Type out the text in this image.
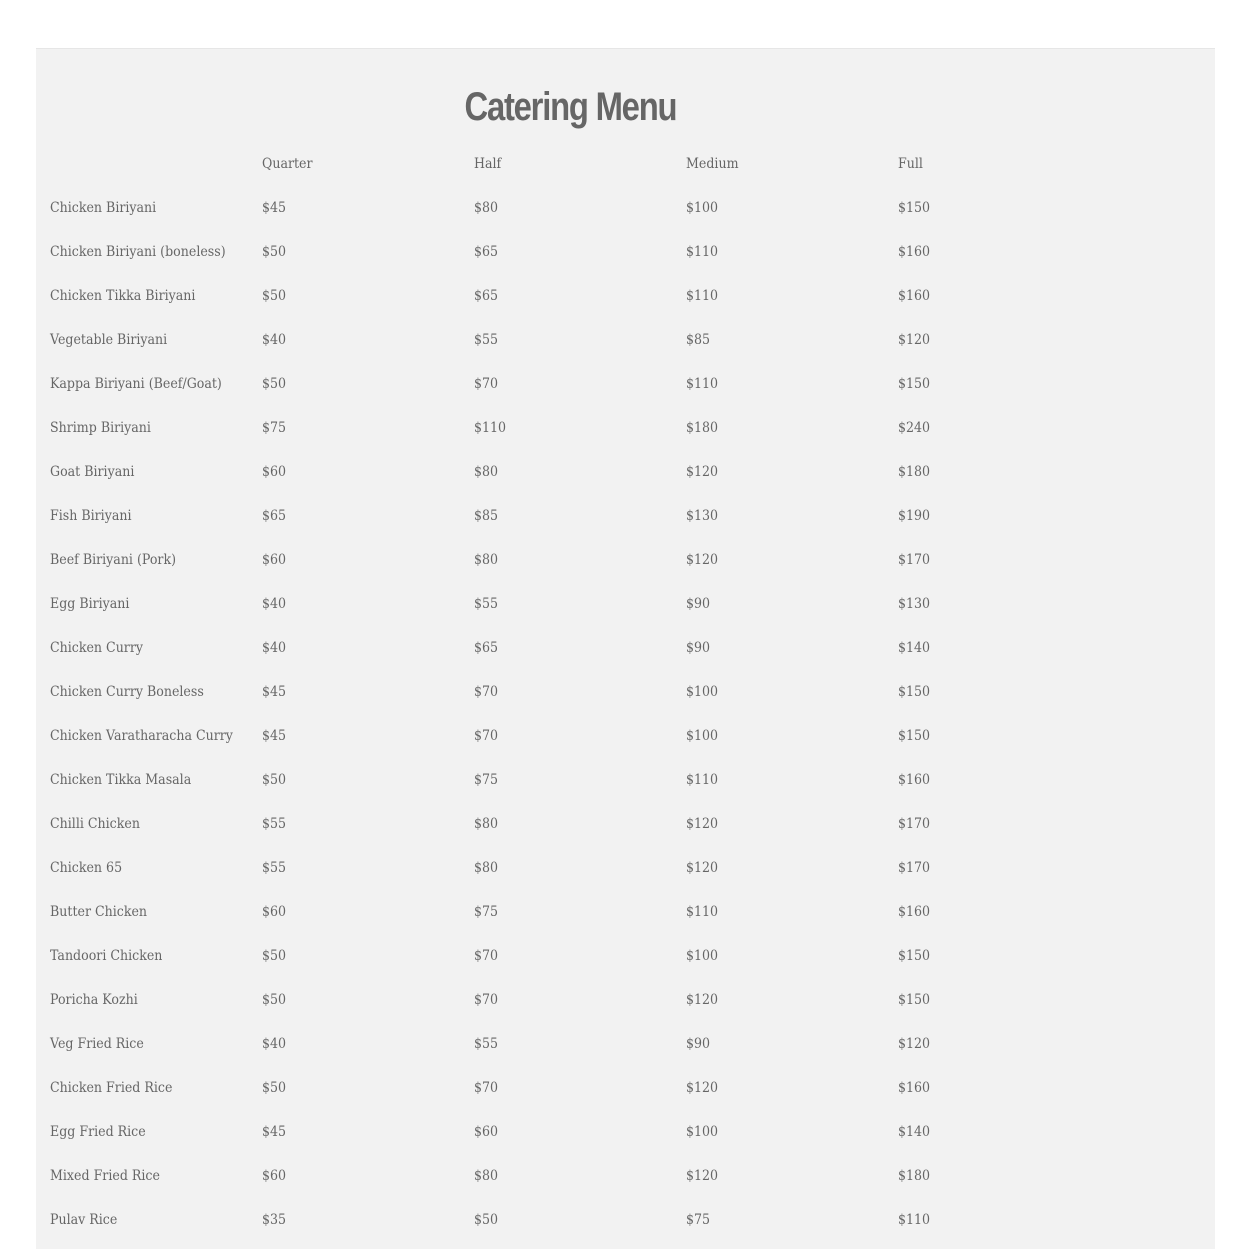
Catering Menu
	Quarter	Half	Medium	Full
Chicken Biriyani	$45	$80	$100	$150
Chicken Biriyani (boneless)	$50	$65	$110	$160
Chicken Tikka Biriyani	$50	$65	$110	$160
Vegetable Biriyani	$40	$55	$85	$120
Kappa Biriyani (Beef/Goat)	$50	$70	$110	$150
Shrimp Biriyani	$75	$110	$180	$240
Goat Biriyani	$60	$80	$120	$180
Fish Biriyani	$65	$85	$130	$190
Beef Biriyani (Pork)	$60	$80	$120	$170
Egg Biriyani	$40	$55	$90	$130
Chicken Curry	$40	$65	$90	$140
Chicken Curry Boneless	$45	$70	$100	$150
Chicken Varatharacha Curry	$45	$70	$100	$150
Chicken Tikka Masala	$50	$75	$110	$160
Chilli Chicken	$55	$80	$120	$170
Chicken 65	$55	$80	$120	$170
Butter Chicken	$60	$75	$110	$160
Tandoori Chicken	$50	$70	$100	$150
Poricha Kozhi	$50	$70	$120	$150
Veg Fried Rice	$40	$55	$90	$120
Chicken Fried Rice	$50	$70	$120	$160
Egg Fried Rice	$45	$60	$100	$140
Mixed Fried Rice	$60	$80	$120	$180
Pulav Rice	$35	$50	$75	$110
